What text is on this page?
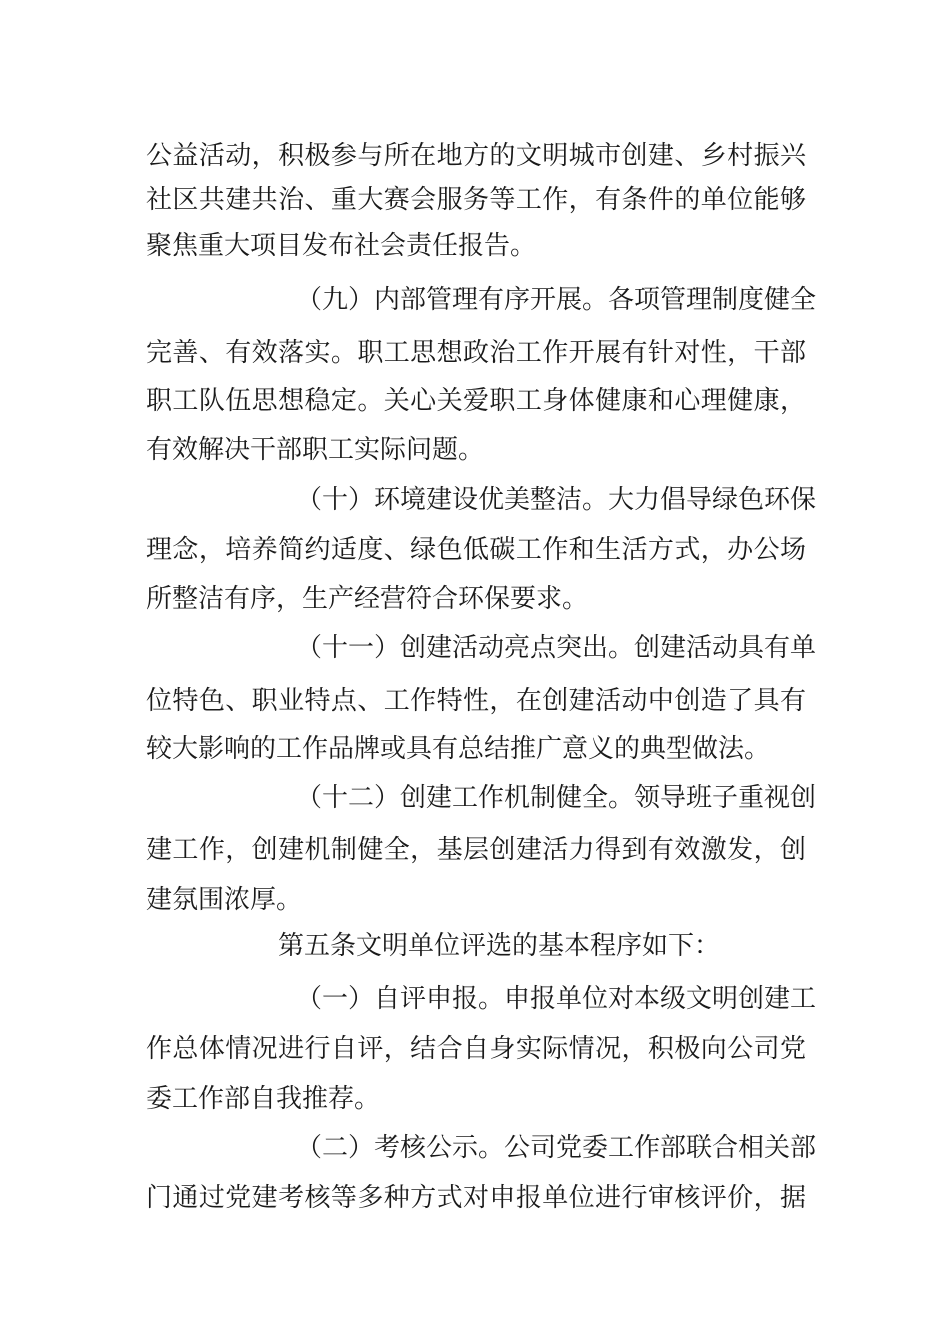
公益活动，积极参与所在地方的文明城市创建、乡村振兴

社区共建共治、重大赛会服务等工作，有条件的单位能够

聚焦重大项目发布社会责任报告。

（九）内部管理有序开展。各项管理制度健全

完善、有效落实。职工思想政治工作开展有针对性，干部

职工队伍思想稳定。关心关爱职工身体健康和心理健康，

有效解决干部职工实际问题。

（十）环境建设优美整洁。大力倡导绿色环保

理念，培养简约适度、绿色低碳工作和生活方式，办公场

所整洁有序，生产经营符合环保要求。

（十一）创建活动亮点突出。创建活动具有单

位特色、职业特点、工作特性，在创建活动中创造了具有

较大影响的工作品牌或具有总结推广意义的典型做法。

（十二）创建工作机制健全。领导班子重视创

建工作，创建机制健全，基层创建活力得到有效激发，创

建氛围浓厚。

第五条文明单位评选的基本程序如下：

（一）自评申报。申报单位对本级文明创建工

作总体情况进行自评，结合自身实际情况，积极向公司党

委工作部自我推荐。

（二）考核公示。公司党委工作部联合相关部

门通过党建考核等多种方式对申报单位进行审核评价，据
